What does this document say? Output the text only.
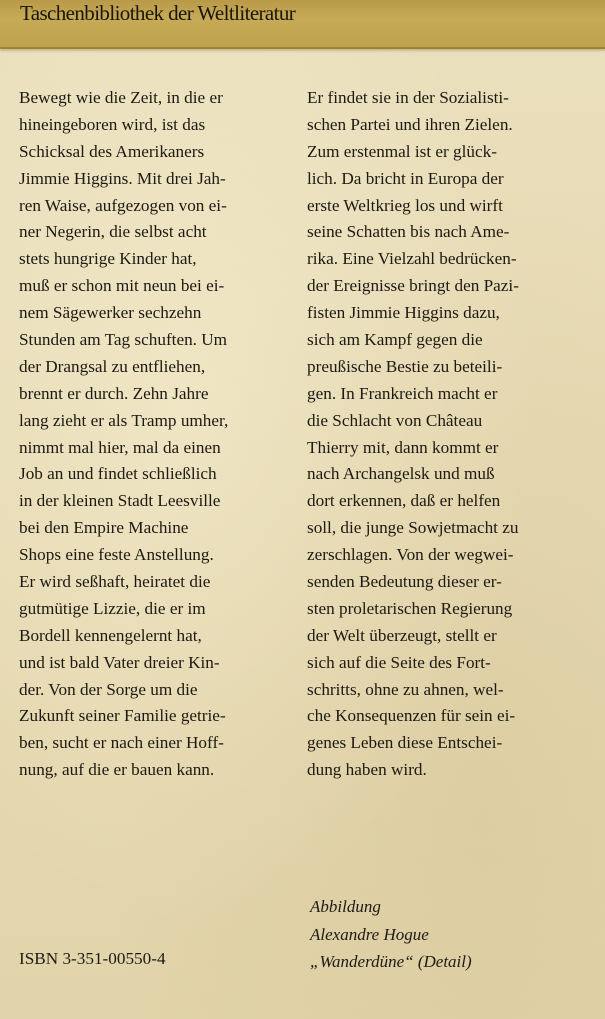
Taschenbibliothek der Weltliteratur
Bewegt wie die Zeit, in die er
hineingeboren wird, ist das
Schicksal des Amerikaners
Jimmie Higgins. Mit drei Jah-
ren Waise, aufgezogen von ei-
ner Negerin, die selbst acht
stets hungrige Kinder hat,
muß er schon mit neun bei ei-
nem Sägewerker sechzehn
Stunden am Tag schuften. Um
der Drangsal zu entfliehen,
brennt er durch. Zehn Jahre
lang zieht er als Tramp umher,
nimmt mal hier, mal da einen
Job an und findet schließlich
in der kleinen Stadt Leesville
bei den Empire Machine
Shops eine feste Anstellung.
Er wird seßhaft, heiratet die
gutmütige Lizzie, die er im
Bordell kennengelernt hat,
und ist bald Vater dreier Kin-
der. Von der Sorge um die
Zukunft seiner Familie getrie-
ben, sucht er nach einer Hoff-
nung, auf die er bauen kann.
Er findet sie in der Sozialisti-
schen Partei und ihren Zielen.
Zum erstenmal ist er glück-
lich. Da bricht in Europa der
erste Weltkrieg los und wirft
seine Schatten bis nach Ame-
rika. Eine Vielzahl bedrücken-
der Ereignisse bringt den Pazi-
fisten Jimmie Higgins dazu,
sich am Kampf gegen die
preußische Bestie zu beteili-
gen. In Frankreich macht er
die Schlacht von Château
Thierry mit, dann kommt er
nach Archangelsk und muß
dort erkennen, daß er helfen
soll, die junge Sowjetmacht zu
zerschlagen. Von der wegwei-
senden Bedeutung dieser er-
sten proletarischen Regierung
der Welt überzeugt, stellt er
sich auf die Seite des Fort-
schritts, ohne zu ahnen, wel-
che Konsequenzen für sein ei-
genes Leben diese Entschei-
dung haben wird.
ISBN 3-351-00550-4
Abbildung
Alexandre Hogue
„Wanderdüne“ (Detail)
